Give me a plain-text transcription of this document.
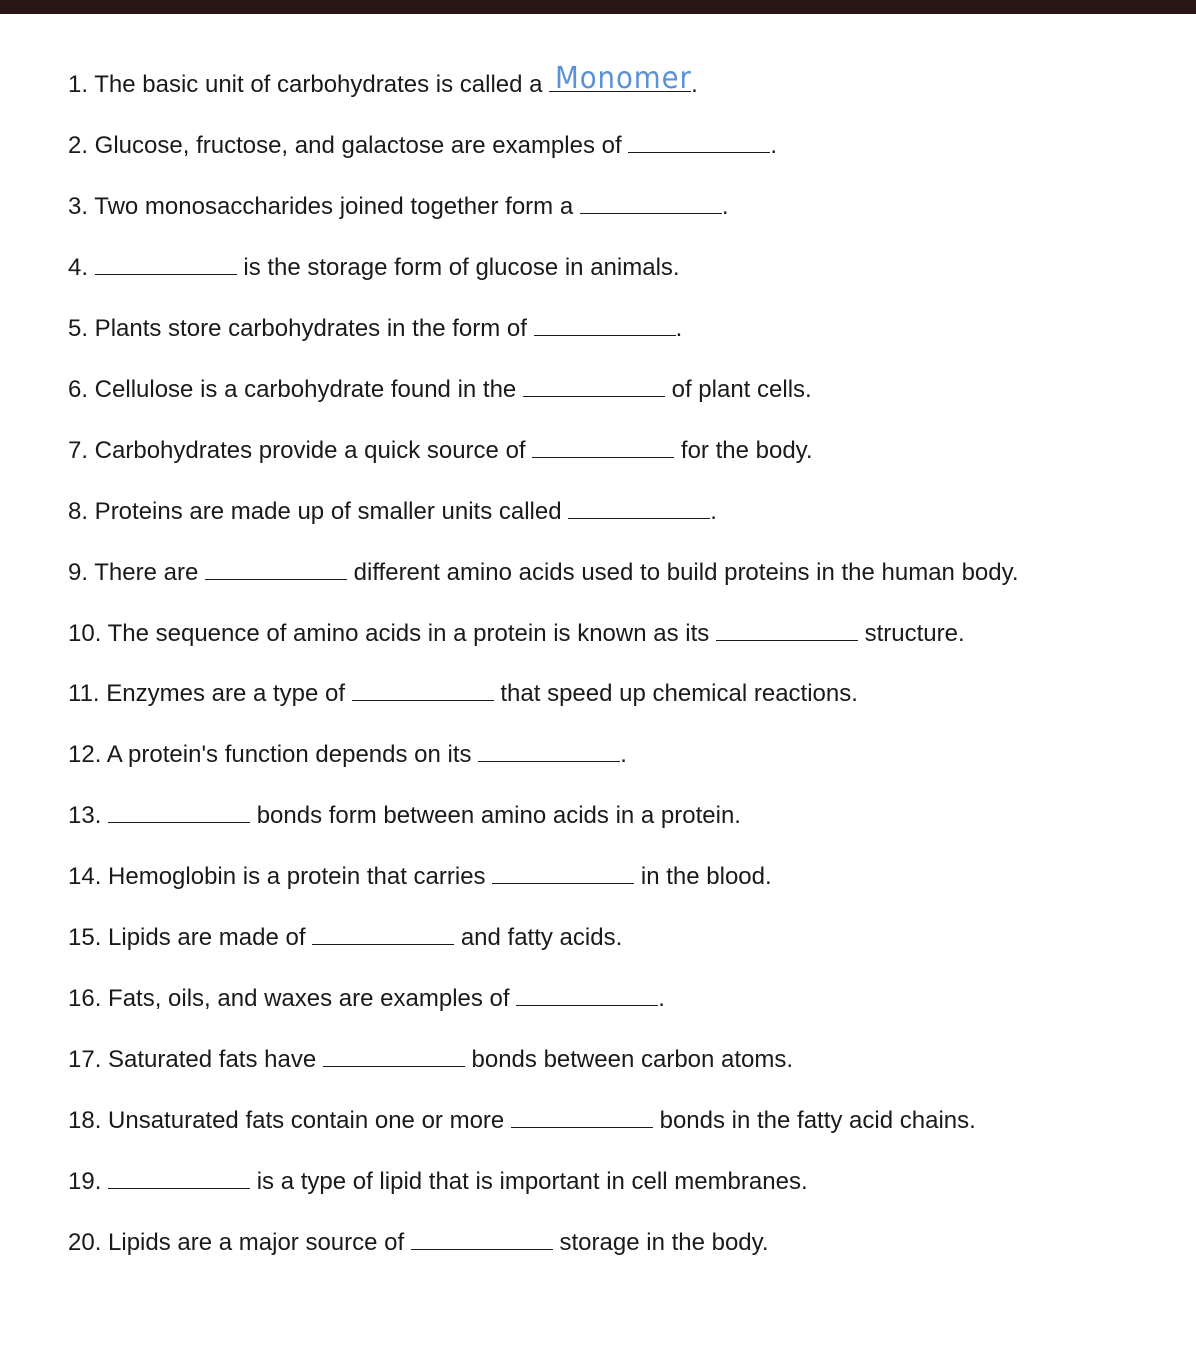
1. The basic unit of carbohydrates is called a Monomer .
2. Glucose, fructose, and galactose are examples of	.
3. Two monosaccharides joined together form a	.
4.	is the storage form of glucose in animals.
5. Plants store carbohydrates in the form of	.
6. Cellulose is a carbohydrate found in the	of plant cells.
7. Carbohydrates provide a quick source of	for the body.
8. Proteins are made up of smaller units called	.
9. There are	different amino acids used to build proteins in the human body.
10. The sequence of amino acids in a protein is known as its	structure.
11. Enzymes are a type of	that speed up chemical reactions.
12. A protein's function depends on its	.
13.	bonds form between amino acids in a protein.
14. Hemoglobin is a protein that carries	in the blood.
15. Lipids are made of	and fatty acids.
16. Fats, oils, and waxes are examples of	.
17. Saturated fats have	bonds between carbon atoms.
18. Unsaturated fats contain one or more	bonds in the fatty acid chains.
19.	is a type of lipid that is important in cell membranes.
20. Lipids are a major source of	storage in the body.
